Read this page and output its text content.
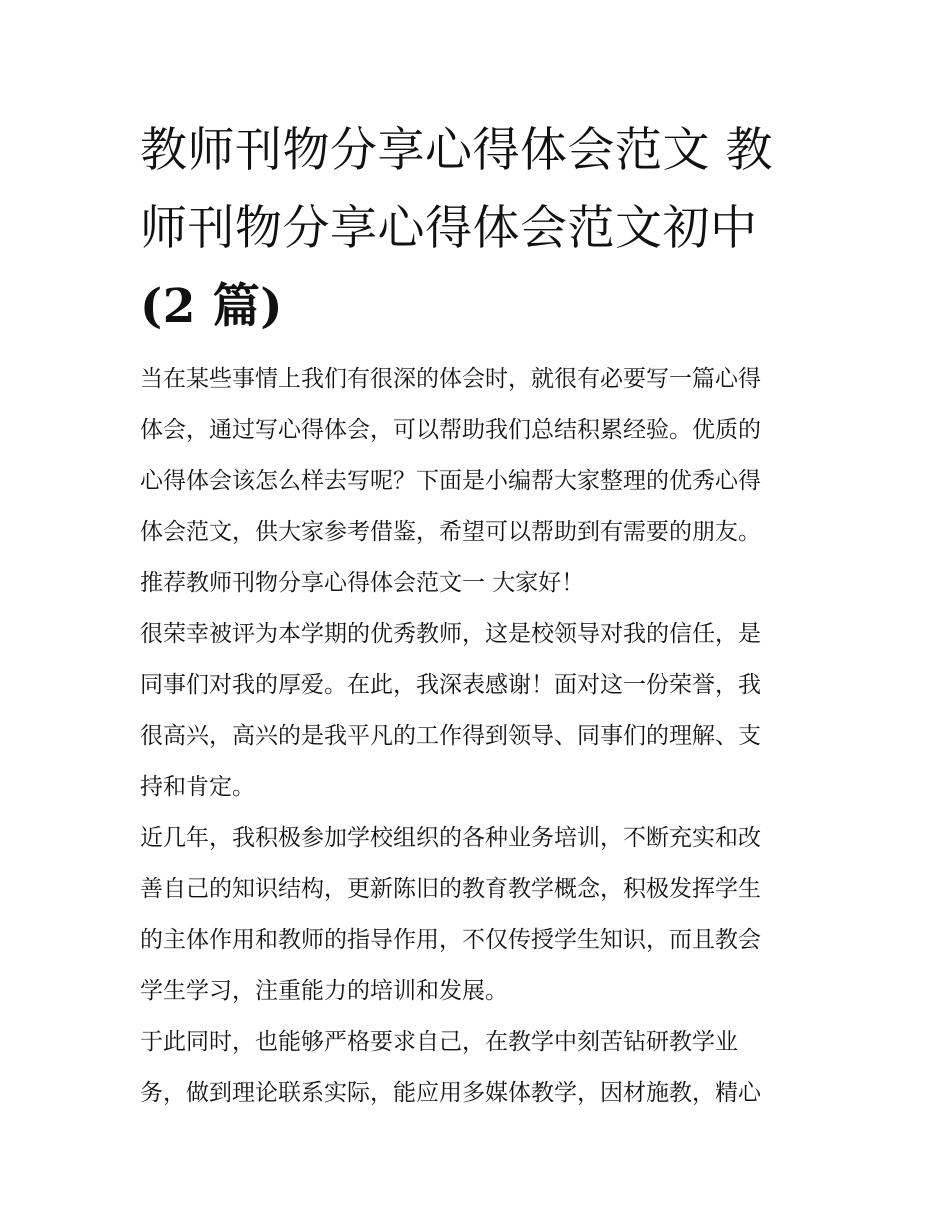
教师刊物分享心得体会范文 教
师刊物分享心得体会范文初中
(2 篇)

当在某些事情上我们有很深的体会时，就很有必要写一篇心得
体会，通过写心得体会，可以帮助我们总结积累经验。优质的
心得体会该怎么样去写呢？下面是小编帮大家整理的优秀心得
体会范文，供大家参考借鉴，希望可以帮助到有需要的朋友。

推荐教师刊物分享心得体会范文一 大家好！

很荣幸被评为本学期的优秀教师，这是校领导对我的信任，是
同事们对我的厚爱。在此，我深表感谢！面对这一份荣誉，我
很高兴，高兴的是我平凡的工作得到领导、同事们的理解、支
持和肯定。

近几年，我积极参加学校组织的各种业务培训，不断充实和改
善自己的知识结构，更新陈旧的教育教学概念，积极发挥学生
的主体作用和教师的指导作用，不仅传授学生知识，而且教会
学生学习，注重能力的培训和发展。

于此同时，也能够严格要求自己，在教学中刻苦钻研教学业
务，做到理论联系实际，能应用多媒体教学，因材施教，精心
